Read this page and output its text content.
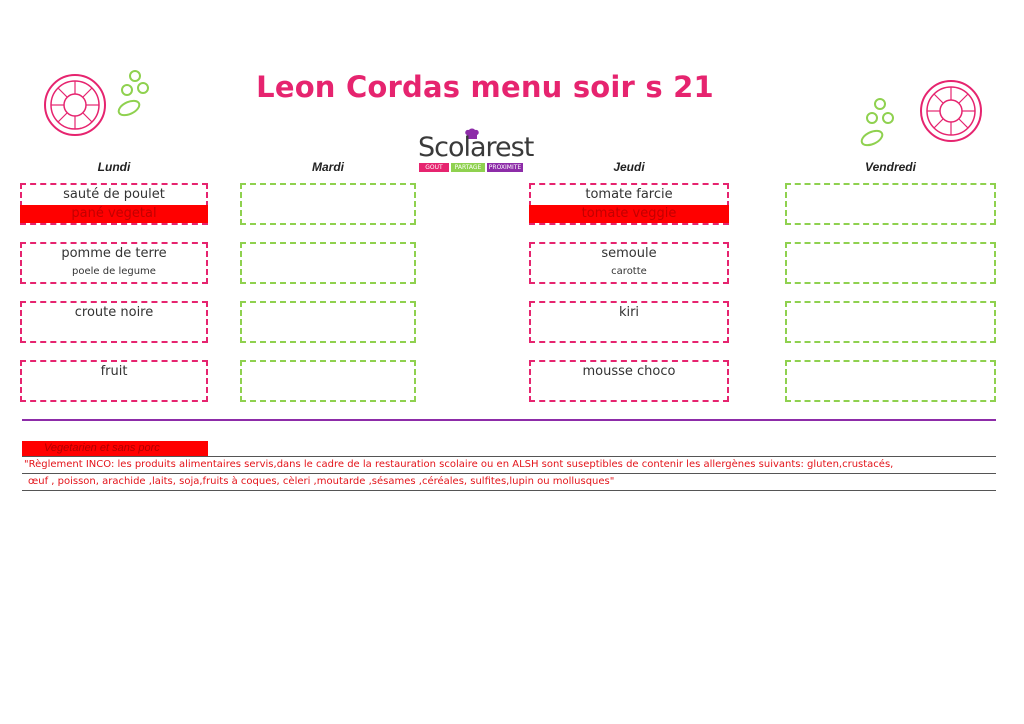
Leon Cordas menu soir s 21
Scolarest
GOUT	PARTAGE	PROXIMITE
Lundi	Mardi	Jeudi	Vendredi
sauté de poulet
pané vegetal
pomme de terre
poele de legume
croute noire
fruit
tomate farcie
tomate veggie
semoule
carotte
kiri
mousse choco
Vegetarien et sans porc
"Règlement INCO: les produits alimentaires servis,dans le cadre de la restauration scolaire ou en ALSH sont suseptibles de contenir les allergènes suivants: gluten,crustacés,
œuf , poisson, arachide ,laits, soja,fruits à coques, cèleri ,moutarde ,sésames ,céréales, sulfites,lupin ou mollusques"
